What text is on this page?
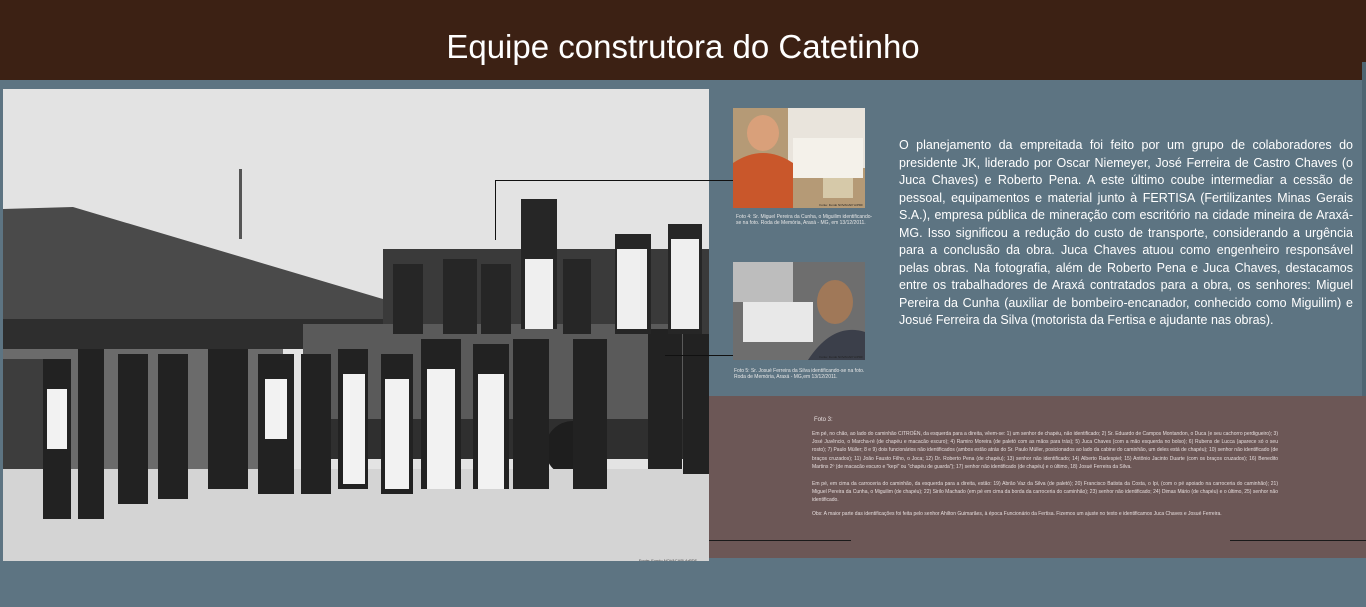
Equipe construtora do Catetinho
Fonte: Fundo NOVACAP/ ArPDF
Fonte: Fundo NOVACAP/ ArPDF
Foto 4: Sr. Miguel Pereira da Cunha, o Miguilim identificando-se na foto. Roda de Memória, Araxá - MG, em 13/12/2011.
Fonte: Fundo NOVACAP/ ArPDF
Foto 5: Sr. Josué Ferreira da Silva identificando-se na foto. Roda de Memória, Araxá - MG,em 13/12/2011.
O planejamento da empreitada foi feito por um grupo de colaboradores do presidente JK, liderado por Oscar Niemeyer, José Ferreira de Castro Chaves (o Juca Chaves) e Roberto Pena. A este último coube intermediar a cessão de pessoal, equipamentos e material junto à FERTISA (Fertilizantes Minas Gerais S.A.), empresa pública de mineração com escritório na cidade mineira de Araxá- MG. Isso significou a redução do custo de transporte, considerando a urgência para a conclusão da obra. Juca Chaves atuou como engenheiro responsável pelas obras. Na fotografia, além de Roberto Pena e Juca Chaves, destacamos entre os trabalhadores de Araxá contratados para a obra, os senhores: Miguel Pereira da Cunha (auxiliar de bombeiro-encanador, conhecido como Miguilim) e Josué Ferreira da Silva (motorista da Fertisa e ajudante nas obras).
Foto 3:
Em pé, no chão, ao lado do caminhão CITROËN, da esquerda para a direita, vêem-se: 1) um senhor de chapéu, não identificado; 2) Sr. Eduardo de Campos Montandon, o Duca (e seu cachorro perdigueiro); 3) José Juvêncio, o Marcha-ré (de chapéu e macacão escuro); 4) Ramiro Moreira (de paletó com as mãos para trás); 5) Juca Chaves (com a mão esquerda no bolso); 6) Rubens de Lucca (aparece só o seu rosto); 7) Paulo Müller; 8 e 9) dois funcionários não identificados (ambos estão atrás do Sr. Paulo Müller, posicionados ao lado da cabine do caminhão, um deles está de chapéu); 10) senhor não identificado (de braços cruzados); 11) João Fausto Filho, o Joca; 12) Dr. Roberto Pena (de chapéu); 13) senhor não identificado; 14) Alberto Radespiel; 15) Antônio Jacinto Duarte (com os braços cruzados); 16) Benedito Martins 2º (de macacão escuro e "kepi" ou "chapéu de guarda"); 17) senhor não identificado (de chapéu) e o último, 18) Josué Ferreira da Silva.
Em pé, em cima da carroceria do caminhão, da esquerda para a direita, estão: 19) Abrão Vaz da Silva (de paletó); 20) Francisco Batista da Costa, o Ipi, (com o pé apoiado na carroceria do caminhão); 21) Miguel Pereira da Cunha, o Miguilim (de chapéu); 22) Sirilo Machado (em pé em cima da borda da carroceria do caminhão); 23) senhor não identificado; 24) Dimas Mário (de chapéu) e o último, 25) senhor não identificado.
Obs: A maior parte das identificações foi feita pelo senhor Ahilton Guimarães, à época Funcionário da Fertisa. Fizemos um ajuste no texto e identificamos Juca Chaves e Josué Ferreira.
